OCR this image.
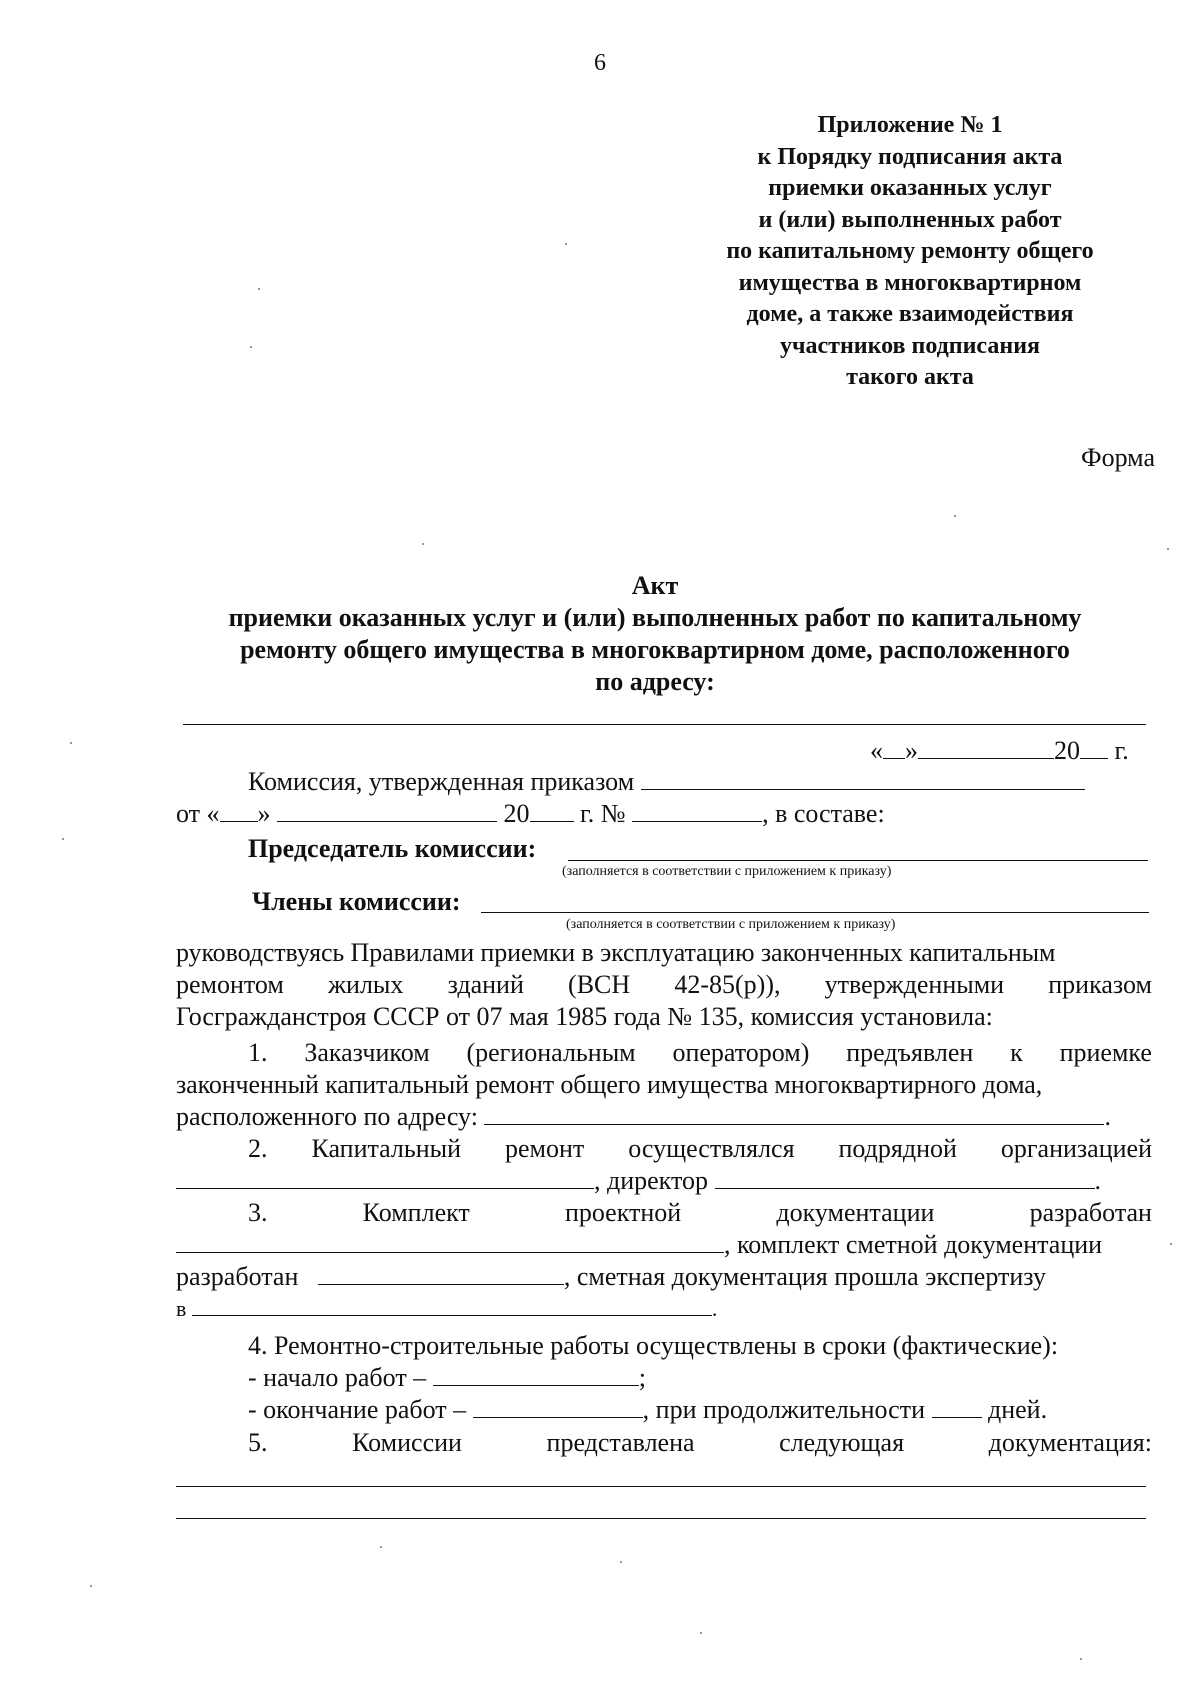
6
Приложение № 1
к Порядку подписания акта
приемки оказанных услуг
и (или) выполненных работ
по капитальному ремонту общего
имущества в многоквартирном
доме, а также взаимодействия
участников подписания
такого акта
Форма
Акт
приемки оказанных услуг и (или) выполненных работ по капитальному
ремонту общего имущества в многоквартирном доме, расположенного
по адресу:
« »	20 г.
Комиссия, утвержденная приказом
от « »	20 г. №	, в составе:
Председатель комиссии:
(заполняется в соответствии с приложением к приказу)
Члены комиссии:
(заполняется в соответствии с приложением к приказу)
руководствуясь Правилами приемки в эксплуатацию законченных капитальным
ремонтом жилых зданий (ВСН 42-85(р)), утвержденными приказом
Госгражданстроя СССР от 07 мая 1985 года № 135, комиссия установила:
1. Заказчиком (региональным оператором) предъявлен к приемке
законченный капитальный ремонт общего имущества многоквартирного дома,
расположенного по адресу:	.
2. Капитальный ремонт осуществлялся подрядной организацией
, директор	.
3.	Комплект	проектной	документации	разработан
, комплект сметной документации
разработан	, сметная документация прошла экспертизу
в	.
4. Ремонтно-строительные работы осуществлены в сроки (фактические):
- начало работ –	;
- окончание работ –	, при продолжительности дней.
5.	Комиссии	представлена	следующая	документация:
